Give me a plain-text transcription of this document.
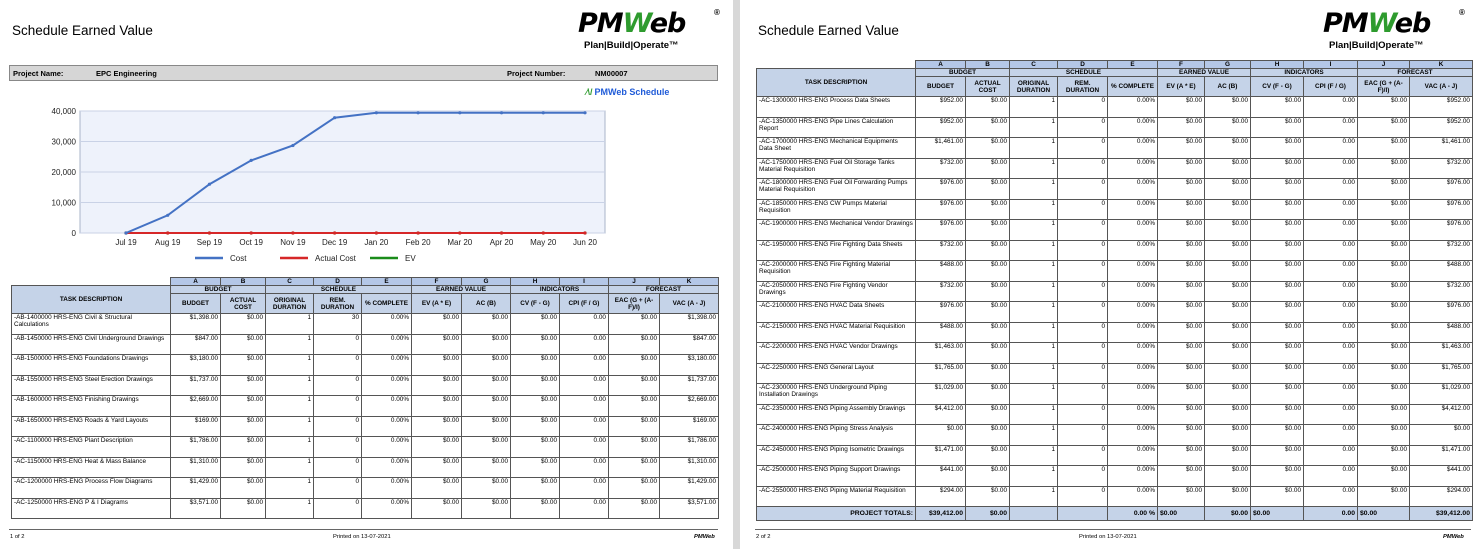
Schedule Earned Value	PMWeb	®
Plan|Build|Operate™
Project Name:	EPC Engineering	Project Number:	NM00007
⁄\/ PMWeb Schedule
40,000
30,000
20,000
10,000
0
Jul 19 Aug 19 Sep 19 Oct 19 Nov 19 Dec 19 Jan 20 Feb 20 Mar 20 Apr 20 May 20 Jun 20
Cost	Actual Cost	EV
	A	B	C	D	E	F	G	H	I	J	K
TASK DESCRIPTION	BUDGET		SCHEDULE			EARNED VALUE		INDICATORS		FORECAST	
	BUDGET	ACTUAL COST	ORIGINAL DURATION	REM. DURATION	% COMPLETE	EV (A * E)	AC (B)	CV (F - G)	CPI (F / G)	EAC (G + (A-F)/I)	VAC (A - J)
-AB-1400000 HRS-ENG Civil & Structural Calculations	$1,398.00	$0.00	1	30	0.00%	$0.00	$0.00	$0.00	0.00	$0.00	$1,398.00
-AB-1450000 HRS-ENG Civil Underground Drawings	$847.00	$0.00	1	0	0.00%	$0.00	$0.00	$0.00	0.00	$0.00	$847.00
-AB-1500000 HRS-ENG Foundations Drawings	$3,180.00	$0.00	1	0	0.00%	$0.00	$0.00	$0.00	0.00	$0.00	$3,180.00
-AB-1550000 HRS-ENG Steel Erection Drawings	$1,737.00	$0.00	1	0	0.00%	$0.00	$0.00	$0.00	0.00	$0.00	$1,737.00
-AB-1600000 HRS-ENG Finishing Drawings	$2,669.00	$0.00	1	0	0.00%	$0.00	$0.00	$0.00	0.00	$0.00	$2,669.00
-AB-1650000 HRS-ENG Roads & Yard Layouts	$169.00	$0.00	1	0	0.00%	$0.00	$0.00	$0.00	0.00	$0.00	$169.00
-AC-1100000 HRS-ENG Plant Description	$1,786.00	$0.00	1	0	0.00%	$0.00	$0.00	$0.00	0.00	$0.00	$1,786.00
-AC-1150000 HRS-ENG Heat & Mass Balance	$1,310.00	$0.00	1	0	0.00%	$0.00	$0.00	$0.00	0.00	$0.00	$1,310.00
-AC-1200000 HRS-ENG Process Flow Diagrams	$1,429.00	$0.00	1	0	0.00%	$0.00	$0.00	$0.00	0.00	$0.00	$1,429.00
-AC-1250000 HRS-ENG P & I Diagrams	$3,571.00	$0.00	1	0	0.00%	$0.00	$0.00	$0.00	0.00	$0.00	$3,571.00
1 of 2	Printed on 13-07-2021	PMWeb
Schedule Earned Value	PMWeb	®
Plan|Build|Operate™
	A	B	C	D	E	F	G	H	I	J	K
TASK DESCRIPTION	BUDGET		SCHEDULE			EARNED VALUE		INDICATORS		FORECAST	
	BUDGET	ACTUAL COST	ORIGINAL DURATION	REM. DURATION	% COMPLETE	EV (A * E)	AC (B)	CV (F - G)	CPI (F / G)	EAC (G + (A-F)/I)	VAC (A - J)
-AC-1300000 HRS-ENG Process Data Sheets	$952.00	$0.00	1	0	0.00%	$0.00	$0.00	$0.00	0.00	$0.00	$952.00
-AC-1350000 HRS-ENG Pipe Lines Calculation Report	$952.00	$0.00	1	0	0.00%	$0.00	$0.00	$0.00	0.00	$0.00	$952.00
-AC-1700000 HRS-ENG Mechanical Equipments Data Sheet	$1,461.00	$0.00	1	0	0.00%	$0.00	$0.00	$0.00	0.00	$0.00	$1,461.00
-AC-1750000 HRS-ENG Fuel Oil Storage Tanks Material Requisition	$732.00	$0.00	1	0	0.00%	$0.00	$0.00	$0.00	0.00	$0.00	$732.00
-AC-1800000 HRS-ENG Fuel Oil Forwarding Pumps Material Requisition	$976.00	$0.00	1	0	0.00%	$0.00	$0.00	$0.00	0.00	$0.00	$976.00
-AC-1850000 HRS-ENG CW Pumps Material Requisition	$976.00	$0.00	1	0	0.00%	$0.00	$0.00	$0.00	0.00	$0.00	$976.00
-AC-1900000 HRS-ENG Mechanical Vendor Drawings	$976.00	$0.00	1	0	0.00%	$0.00	$0.00	$0.00	0.00	$0.00	$976.00
-AC-1950000 HRS-ENG Fire Fighting Data Sheets	$732.00	$0.00	1	0	0.00%	$0.00	$0.00	$0.00	0.00	$0.00	$732.00
-AC-2000000 HRS-ENG Fire Fighting Material Requisition	$488.00	$0.00	1	0	0.00%	$0.00	$0.00	$0.00	0.00	$0.00	$488.00
-AC-2050000 HRS-ENG Fire Fighting Vendor Drawings	$732.00	$0.00	1	0	0.00%	$0.00	$0.00	$0.00	0.00	$0.00	$732.00
-AC-2100000 HRS-ENG HVAC Data Sheets	$976.00	$0.00	1	0	0.00%	$0.00	$0.00	$0.00	0.00	$0.00	$976.00
-AC-2150000 HRS-ENG HVAC Material Requisition	$488.00	$0.00	1	0	0.00%	$0.00	$0.00	$0.00	0.00	$0.00	$488.00
-AC-2200000 HRS-ENG HVAC Vendor Drawings	$1,463.00	$0.00	1	0	0.00%	$0.00	$0.00	$0.00	0.00	$0.00	$1,463.00
-AC-2250000 HRS-ENG General Layout	$1,765.00	$0.00	1	0	0.00%	$0.00	$0.00	$0.00	0.00	$0.00	$1,765.00
-AC-2300000 HRS-ENG Underground Piping Installation Drawings	$1,029.00	$0.00	1	0	0.00%	$0.00	$0.00	$0.00	0.00	$0.00	$1,029.00
-AC-2350000 HRS-ENG Piping Assembly Drawings	$4,412.00	$0.00	1	0	0.00%	$0.00	$0.00	$0.00	0.00	$0.00	$4,412.00
-AC-2400000 HRS-ENG Piping Stress Analysis	$0.00	$0.00	1	0	0.00%	$0.00	$0.00	$0.00	0.00	$0.00	$0.00
-AC-2450000 HRS-ENG Piping Isometric Drawings	$1,471.00	$0.00	1	0	0.00%	$0.00	$0.00	$0.00	0.00	$0.00	$1,471.00
-AC-2500000 HRS-ENG Piping Support Drawings	$441.00	$0.00	1	0	0.00%	$0.00	$0.00	$0.00	0.00	$0.00	$441.00
-AC-2550000 HRS-ENG Piping Material Requisition	$294.00	$0.00	1	0	0.00%	$0.00	$0.00	$0.00	0.00	$0.00	$294.00
PROJECT TOTALS:	$39,412.00	$0.00			0.00 %	$0.00	$0.00	$0.00	0.00	$0.00	$39,412.00
2 of 2	Printed on 13-07-2021	PMWeb
